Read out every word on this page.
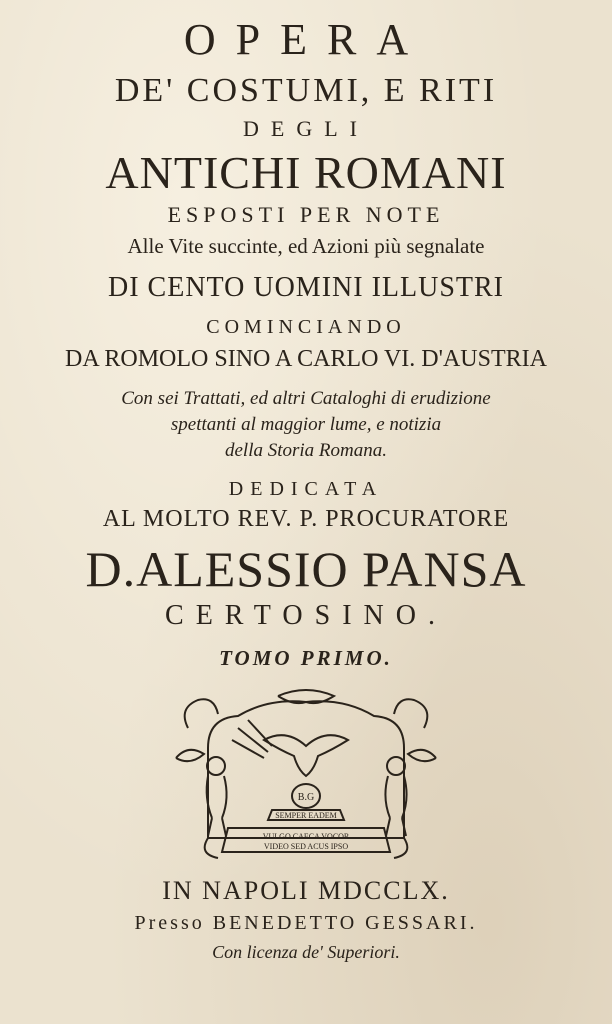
OPERA
DE' COSTUMI, E RITI
DEGLI
ANTICHI ROMANI
ESPOSTI PER NOTE
Alle Vite succinte, ed Azioni più segnalate
DI CENTO UOMINI ILLUSTRI
COMINCIANDO
DA ROMOLO SINO A CARLO VI. D'AUSTRIA
Con sei Trattati, ed altri Cataloghi di erudizione
spettanti al maggior lume, e notizia
della Storia Romana.
DEDICATA
AL MOLTO REV. P. PROCURATORE
D.ALESSIO PANSA
CERTOSINO.
TOMO PRIMO.
B.G
SEMPER EADEM
VULGO CAECA VOCOR
VIDEO SED ACUS IPSO
IN NAPOLI MDCCLX.
Presso BENEDETTO GESSARI.
Con licenza de' Superiori.
